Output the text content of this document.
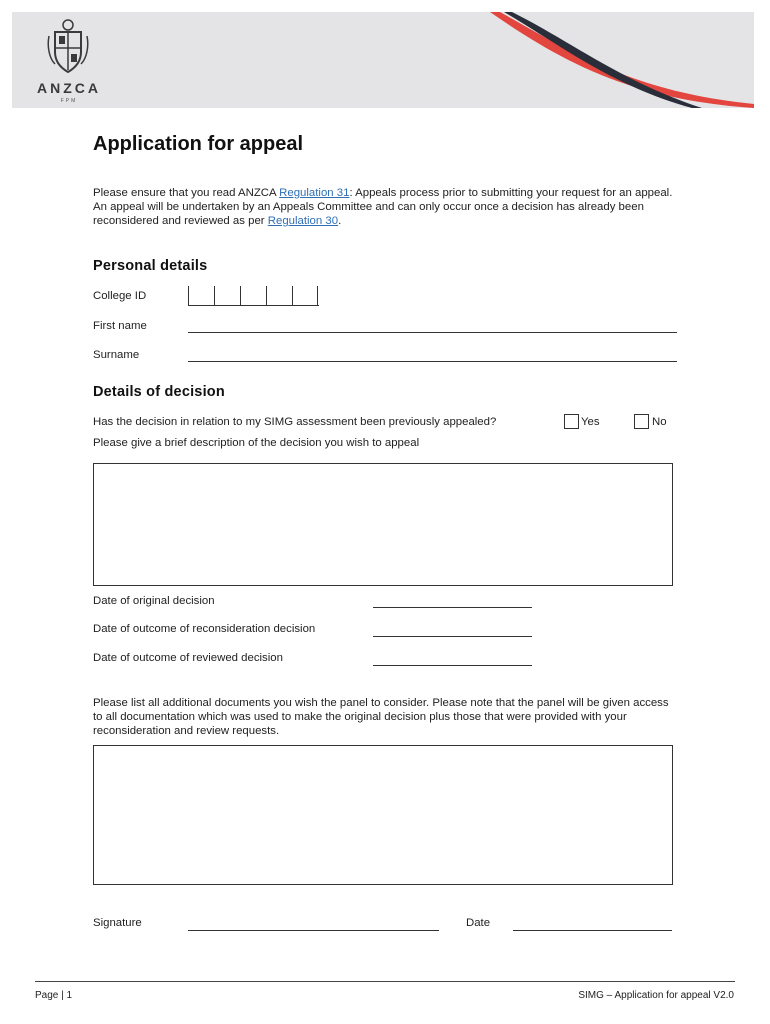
ANZCA
FPM
Application for appeal
Please ensure that you read ANZCA Regulation 31: Appeals process prior to submitting your request for an appeal. An appeal will be undertaken by an Appeals Committee and can only occur once a decision has already been reconsidered and reviewed as per Regulation 30.
Personal details
College ID
First name
Surname
Details of decision
Has the decision in relation to my SIMG assessment been previously appealed?	Yes	No
Please give a brief description of the decision you wish to appeal
Date of original decision
Date of outcome of reconsideration decision
Date of outcome of reviewed decision
Please list all additional documents you wish the panel to consider. Please note that the panel will be given access to all documentation which was used to make the original decision plus those that were provided with your reconsideration and review requests.
Signature	Date
Page | 1	SIMG – Application for appeal V2.0
